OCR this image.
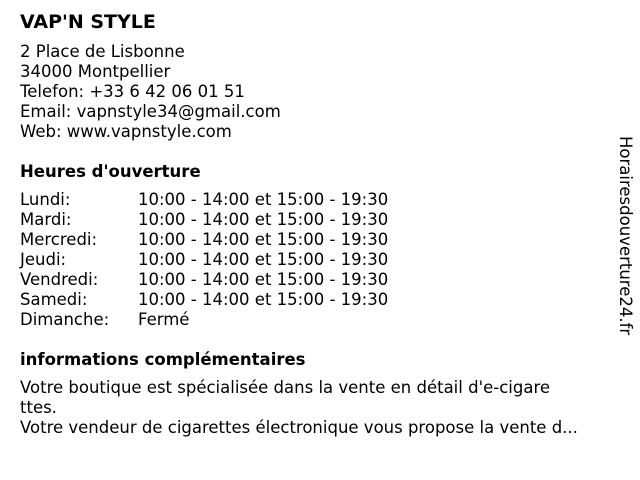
VAP'N STYLE
2 Place de Lisbonne
34000 Montpellier
Telefon: +33 6 42 06 01 51
Email: vapnstyle34@gmail.com
Web: www.vapnstyle.com
Heures d'ouverture
Lundi:	10:00 - 14:00 et 15:00 - 19:30
Mardi:	10:00 - 14:00 et 15:00 - 19:30
Mercredi:	10:00 - 14:00 et 15:00 - 19:30
Jeudi:	10:00 - 14:00 et 15:00 - 19:30
Vendredi:	10:00 - 14:00 et 15:00 - 19:30
Samedi:	10:00 - 14:00 et 15:00 - 19:30
Dimanche:	Fermé
informations complémentaires
Votre boutique est spécialisée dans la vente en détail d'e-cigare
ttes.
Votre vendeur de cigarettes électronique vous propose la vente d...
Horairesdouverture24.fr
